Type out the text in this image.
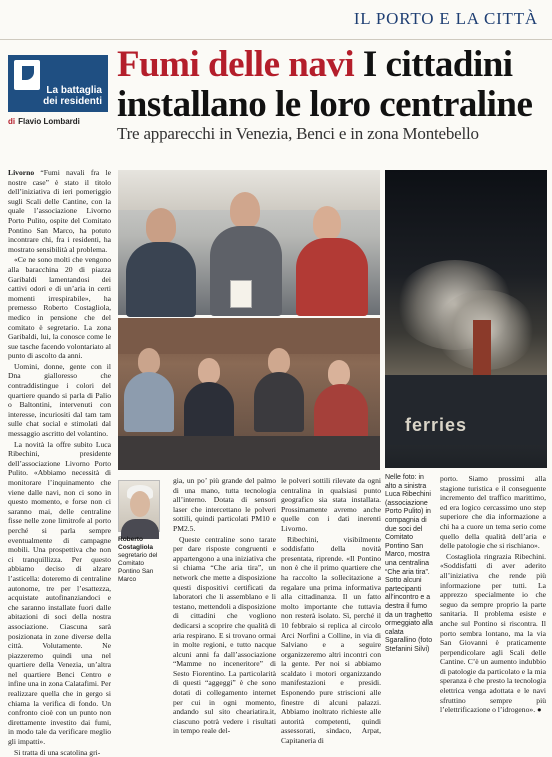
IL PORTO E LA CITTÀ
La battaglia
dei residenti
di Flavio Lombardi
Fumi delle navi I cittadini installano le loro centraline
Tre apparecchi in Venezia, Benci e in zona Montebello

Livorno “Fumi navali fra le nostre case” è stato il titolo dell’iniziativa di ieri pomeriggio sugli Scali delle Cantine, con la quale l’associazione Livorno Porto Pulito, ospite del Comitato Pontino San Marco, ha potuto incontrare chi, fra i residenti, ha mostrato sensibilità al problema.

«Ce ne sono molti che vengono alla baracchina 20 di piazza Garibaldi lamentandosi dei cattivi odori e di un’aria in certi momenti irrespirabile», ha premesso Roberto Costagliola, medico in pensione che del comitato è segretario. La zona Garibaldi, lui, la conosce come le sue tasche facendo volontariato al punto di ascolto da anni.

Uomini, donne, gente con il Dna gialloresso che contraddistingue i colori del quartiere quando si parla di Palio o Baltontini, intervenuti con interesse, incuriositi dal tam tam sulle chat social e stimolati dal messaggio ascritto del volantino.

La novità la offre subito Luca Ribechini, presidente dell’associazione Livorno Porto Pulito. «Abbiamo necessità di monitorare l’inquinamento che viene dalle navi, non ci sono in questo momento, e forse non ci saranno mai, delle centraline fisse nelle zone limitrofe al porto perché si parla sempre eventualmente di campagne mobili. Una prospettiva che non ci tranquillizza. Per questo abbiamo deciso di alzare l’asticella: doteremo di centraline autonome, tre per l’esattezza, acquistate autofinanziandoci e che saranno installate fuori dalle abitazioni di soci della nostra associazione. Ciascuna sarà posizionata in zone diverse della città. Volutamente. Ne piazzeremo quindi una nel quartiere della Venezia, un’altra nel quartiere Benci Centro e infine una in zona Calatafimi. Per realizzare quella che in gergo si chiama la verifica di fondo. Un confronto cioè con un punto non direttamente investito dai fumi, in modo tale da verificare meglio gli impatti».

Si tratta di una scatolina gri-

ferries
Roberto Costagliola
segretario del Comitato Pontino San Marco

gia, un po’ più grande del palmo di una mano, tutta tecnologia all’interno. Dotata di sensori laser che intercettano le polveri sottili, quindi particolati PM10 e PM2.5.

Queste centraline sono tarate per dare risposte congruenti e appartengono a una iniziativa che si chiama “Che aria tira”, un network che mette a disposizione questi dispositivi certificati da laboratori che li assemblano e li testano, mettendoli a disposizione di cittadini che vogliono dedicarsi a scoprire che qualità di aria respirano. E si trovano ormai in molte regioni, e tutto nacque alcuni anni fa dall’associazione “Mamme no inceneritore” di Sesto Fiorentino. La particolarità di questi “aggeggi” è che sono dotati di collegamento internet per cui in ogni momento, andando sul sito cheariatira.it, ciascuno potrà vedere i risultati in tempo reale del-

le polveri sottili rilevate da ogni centralina in qualsiasi punto geografico sia stata installata. Prossimamente avremo anche quelle con i dati inerenti Livorno.

Ribechini, visibilmente soddisfatto della novità presentata, riprende. «Il Pontino non è che il primo quartiere che ha raccolto la sollecitazione a regalare una prima informativa alla cittadinanza. Il un fatto molto importante che tuttavia non resterà isolato. Sì, perché il 10 febbraio si replica al circolo Arci Norfini a Colline, in via di Salviano e a seguire organizzeremo altri incontri con la gente. Per noi si abbiamo scaldato i motori organizzando manifestazioni e presidi. Esponendo pure striscioni alle finestre di alcuni palazzi. Abbiamo inoltrato richieste alle autorità competenti, quindi assessorati, sindaco, Arpat, Capitaneria di

Nelle foto: in alto a sinistra Luca Ribechini (associazione Porto Pulito) in compagnia di due soci del Comitato Pontino San Marco, mostra una centralina “Che aria tira”. Sotto alcuni partecipanti all’incontro e a destra il fumo da un traghetto ormeggiato alla calata Sgarallino (foto Stefanini Silvi)

porto. Siamo prossimi alla stagione turistica e il conseguente incremento del traffico marittimo, ed era logico cercassimo uno step superiore che dia informazione a chi ha a cuore un tema serio come quello della qualità dell’aria e delle patologie che si rischiano».

Costagliola ringrazia Ribechini. «Soddisfatti di aver aderito all’iniziativa che rende più informazione per tutti. La apprezzo specialmente io che seguo da sempre proprio la parte sanitaria. Il problema esiste e anche sul Pontino si riscontra. Il porto sembra lontano, ma la via San Giovanni è praticamente perpendicolare agli Scali delle Cantine. C’è un aumento indubbio di patologie da particolato e la mia speranza è che presto la tecnologia elettrica venga adottata e le navi sfruttino sempre più l’elettrificazione o l’idrogeno». ●
